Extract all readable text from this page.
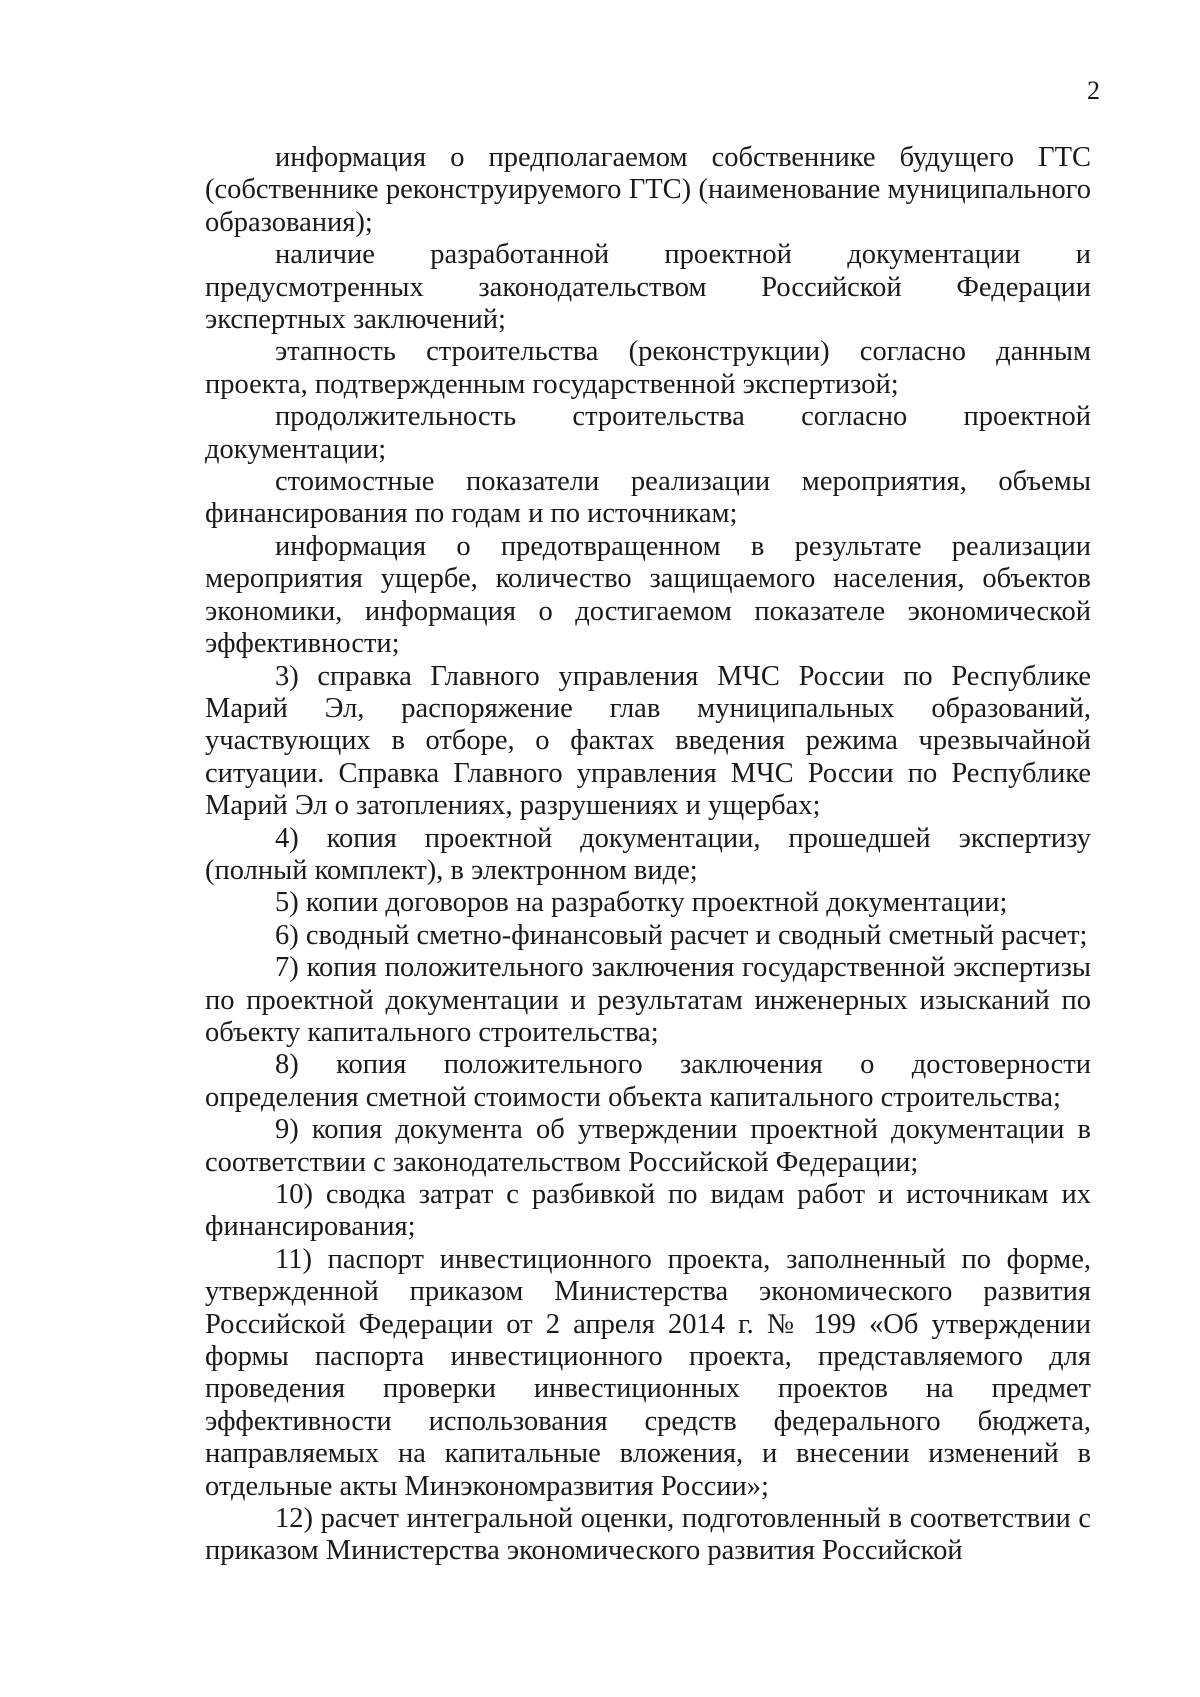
2

информация о предполагаемом собственнике будущего ГТС (собственнике реконструируемого ГТС) (наименование муниципального образования);

наличие разработанной проектной документации и предусмотренных законодательством Российской Федерации экспертных заключений;

этапность строительства (реконструкции) согласно данным проекта, подтвержденным государственной экспертизой;

продолжительность строительства согласно проектной документации;

стоимостные показатели реализации мероприятия, объемы финансирования по годам и по источникам;

информация о предотвращенном в результате реализации мероприятия ущербе, количество защищаемого населения, объектов экономики, информация о достигаемом показателе экономической эффективности;

3) справка Главного управления МЧС России по Республике Марий Эл, распоряжение глав муниципальных образований, участвующих в отборе, о фактах введения режима чрезвычайной ситуации. Справка Главного управления МЧС России по Республике Марий Эл о затоплениях, разрушениях и ущербах;

4) копия проектной документации, прошедшей экспертизу (полный комплект), в электронном виде;

5) копии договоров на разработку проектной документации;

6) сводный сметно-финансовый расчет и сводный сметный расчет;

7) копия положительного заключения государственной экспертизы по проектной документации и результатам инженерных изысканий по объекту капитального строительства;

8) копия положительного заключения о достоверности определения сметной стоимости объекта капитального строительства;

9) копия документа об утверждении проектной документации в соответствии с законодательством Российской Федерации;

10) сводка затрат с разбивкой по видам работ и источникам их финансирования;

11) паспорт инвестиционного проекта, заполненный по форме, утвержденной приказом Министерства экономического развития Российской Федерации от 2 апреля 2014 г. № 199 «Об утверждении формы паспорта инвестиционного проекта, представляемого для проведения проверки инвестиционных проектов на предмет эффективности использования средств федерального бюджета, направляемых на капитальные вложения, и внесении изменений в отдельные акты Минэкономразвития России»;

12) расчет интегральной оценки, подготовленный в соответствии с приказом Министерства экономического развития Российской
